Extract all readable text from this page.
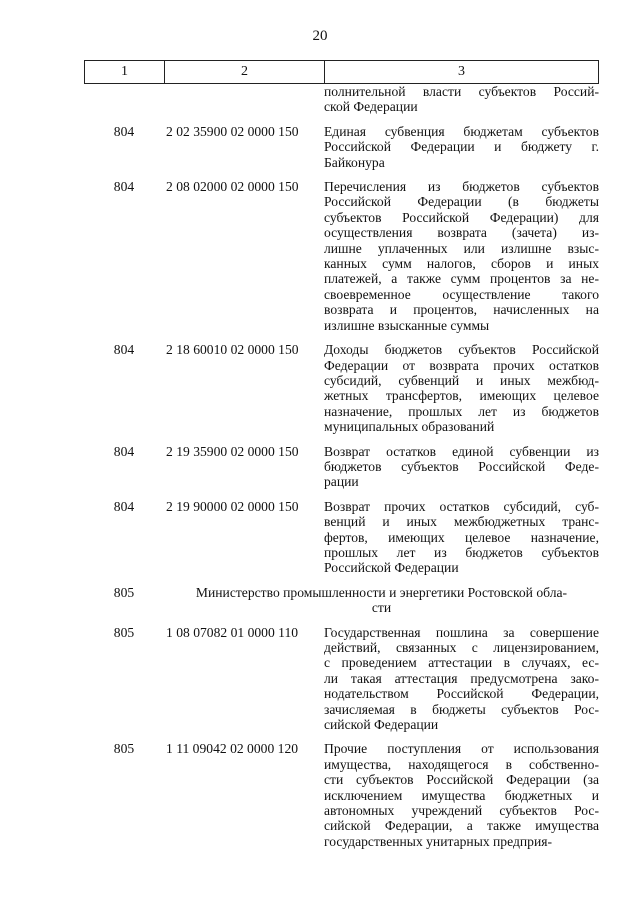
20
1	2	3
полнительной власти субъектов Россий-
ской Федерации
804	2 02 35900 02 0000 150	Единая субвенция бюджетам субъектов
Российской Федерации и бюджету г.
Байконура
804	2 08 02000 02 0000 150	Перечисления из бюджетов субъектов
Российской Федерации (в бюджеты
субъектов Российской Федерации) для
осуществления возврата (зачета) из-
лишне уплаченных или излишне взыс-
канных сумм налогов, сборов и иных
платежей, а также сумм процентов за не-
своевременное осуществление такого
возврата и процентов, начисленных на
излишне взысканные суммы
804	2 18 60010 02 0000 150	Доходы бюджетов субъектов Российской
Федерации от возврата прочих остатков
субсидий, субвенций и иных межбюд-
жетных трансфертов, имеющих целевое
назначение, прошлых лет из бюджетов
муниципальных образований
804	2 19 35900 02 0000 150	Возврат остатков единой субвенции из
бюджетов субъектов Российской Феде-
рации
804	2 19 90000 02 0000 150	Возврат прочих остатков субсидий, суб-
венций и иных межбюджетных транс-
фертов, имеющих целевое назначение,
прошлых лет из бюджетов субъектов
Российской Федерации
805	Министерство промышленности и энергетики Ростовской обла-
сти
805	1 08 07082 01 0000 110	Государственная пошлина за совершение
действий, связанных с лицензированием,
с проведением аттестации в случаях, ес-
ли такая аттестация предусмотрена зако-
нодательством Российской Федерации,
зачисляемая в бюджеты субъектов Рос-
сийской Федерации
805	1 11 09042 02 0000 120	Прочие поступления от использования
имущества, находящегося в собственно-
сти субъектов Российской Федерации (за
исключением имущества бюджетных и
автономных учреждений субъектов Рос-
сийской Федерации, а также имущества
государственных унитарных предприя-
